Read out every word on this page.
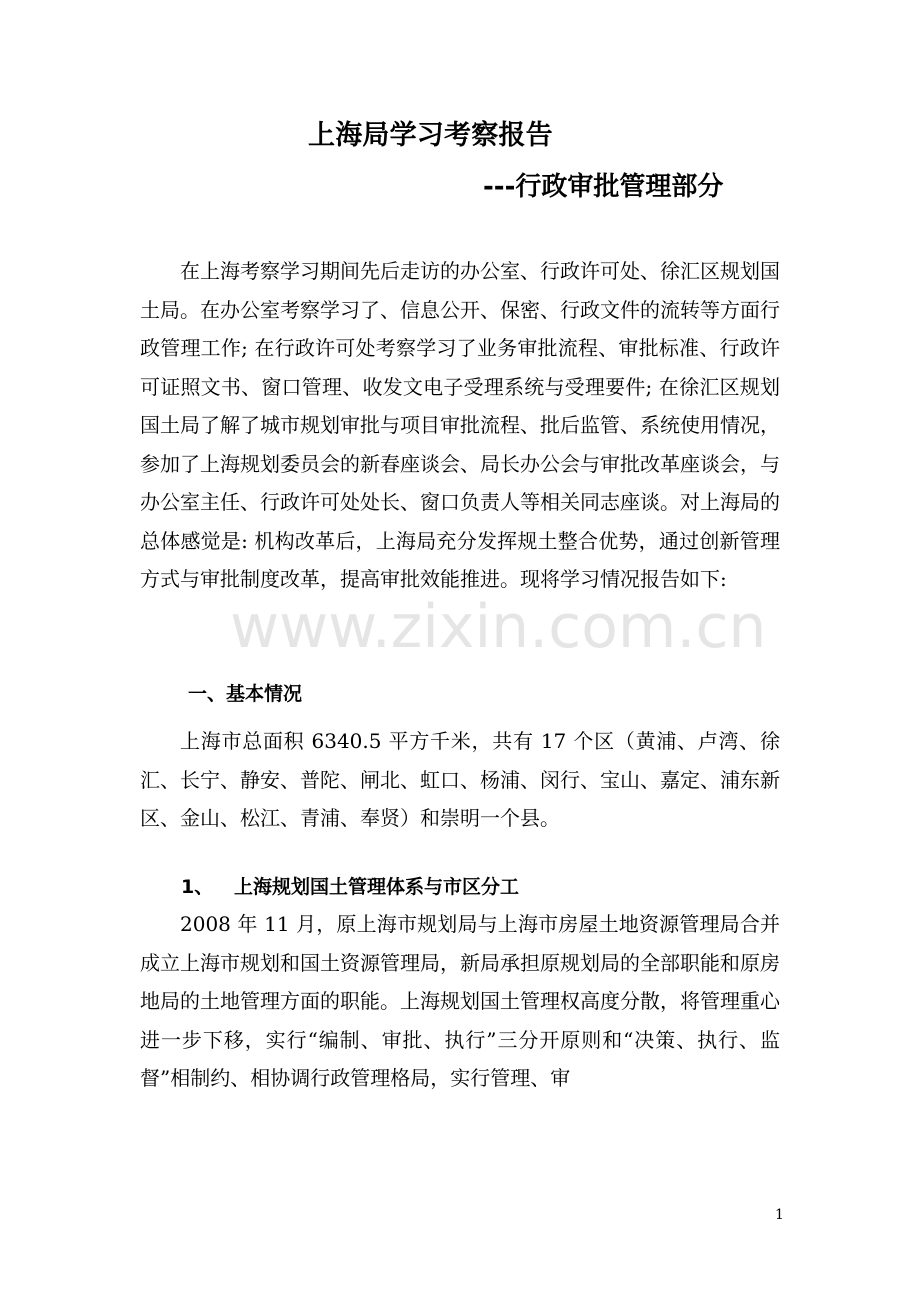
上海局学习考察报告
---行政审批管理部分
在上海考察学习期间先后走访的办公室、行政许可处、徐汇区规划国土局。在办公室考察学习了、信息公开、保密、行政文件的流转等方面行政管理工作; 在行政许可处考察学习了业务审批流程、审批标准、行政许可证照文书、窗口管理、收发文电子受理系统与受理要件; 在徐汇区规划国土局了解了城市规划审批与项目审批流程、批后监管、系统使用情况，参加了上海规划委员会的新春座谈会、局长办公会与审批改革座谈会，与办公室主任、行政许可处处长、窗口负责人等相关同志座谈。对上海局的总体感觉是: 机构改革后，上海局充分发挥规土整合优势，通过创新管理方式与审批制度改革，提高审批效能推进。现将学习情况报告如下:
www.zixin.com.cn
一、基本情况
上海市总面积 6340.5 平方千米，共有 17 个区（黄浦、卢湾、徐汇、长宁、静安、普陀、闸北、虹口、杨浦、闵行、宝山、嘉定、浦东新区、金山、松江、青浦、奉贤）和崇明一个县。
1、 上海规划国土管理体系与市区分工
2008 年 11 月，原上海市规划局与上海市房屋土地资源管理局合并成立上海市规划和国土资源管理局，新局承担原规划局的全部职能和原房地局的土地管理方面的职能。上海规划国土管理权高度分散，将管理重心进一步下移，实行“编制、审批、执行”三分开原则和“决策、执行、监督”相制约、相协调行政管理格局，实行管理、审
1
